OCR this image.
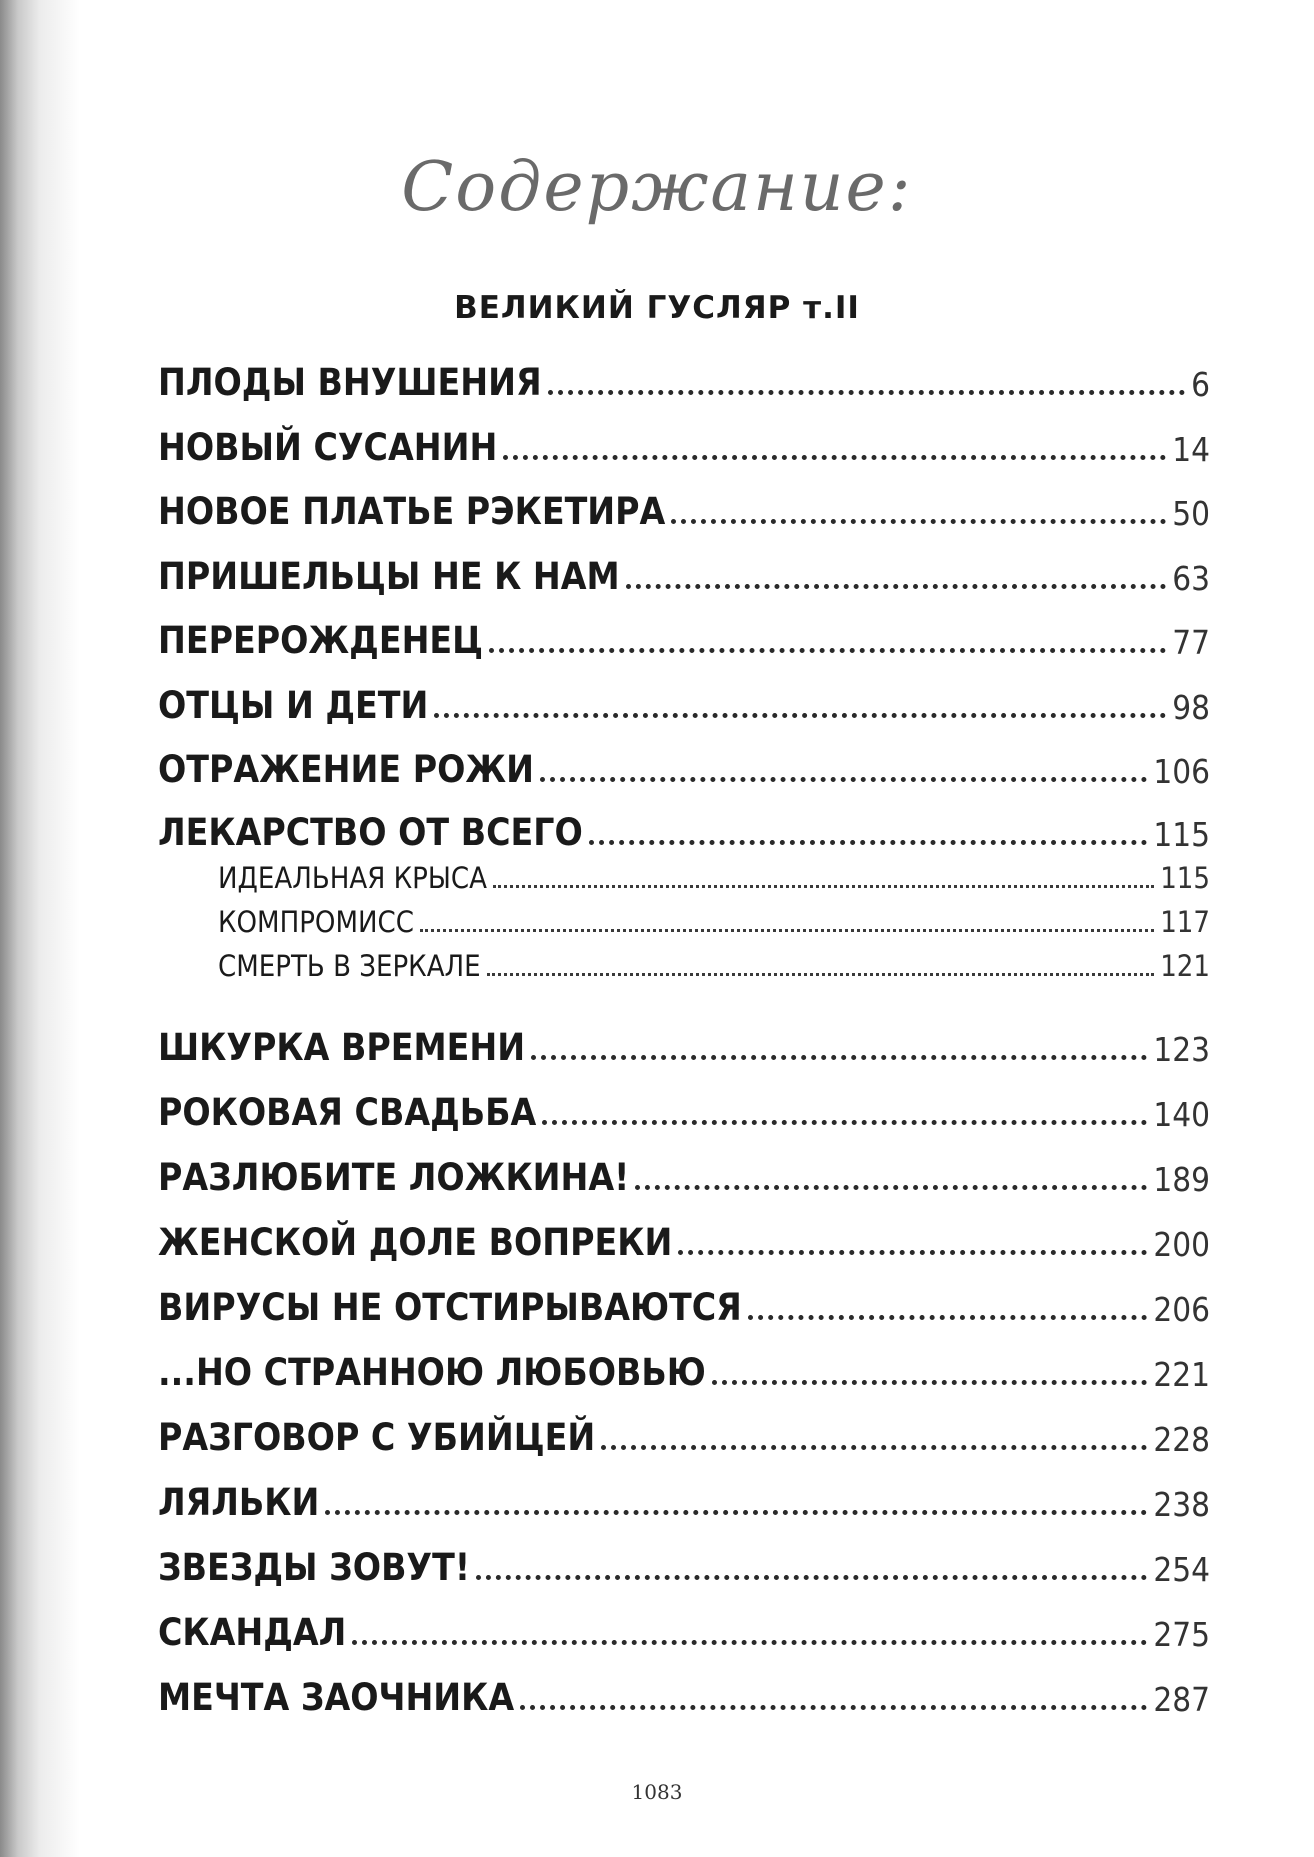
Содержание:
ВЕЛИКИЙ ГУСЛЯР т.II
ПЛОДЫ ВНУШЕНИЯ	6
НОВЫЙ СУСАНИН	14
НОВОЕ ПЛАТЬЕ РЭКЕТИРА	50
ПРИШЕЛЬЦЫ НЕ К НАМ	63
ПЕРЕРОЖДЕНЕЦ	77
ОТЦЫ И ДЕТИ	98
ОТРАЖЕНИЕ РОЖИ	106
ЛЕКАРСТВО ОТ ВСЕГО	115
ИДЕАЛЬНАЯ КРЫСА	115
КОМПРОМИСС	117
СМЕРТЬ В ЗЕРКАЛЕ	121
ШКУРКА ВРЕМЕНИ	123
РОКОВАЯ СВАДЬБА	140
РАЗЛЮБИТЕ ЛОЖКИНА!	189
ЖЕНСКОЙ ДОЛЕ ВОПРЕКИ	200
ВИРУСЫ НЕ ОТСТИРЫВАЮТСЯ	206
...НО СТРАННОЮ ЛЮБОВЬЮ	221
РАЗГОВОР С УБИЙЦЕЙ	228
ЛЯЛЬКИ	238
ЗВЕЗДЫ ЗОВУТ!	254
СКАНДАЛ	275
МЕЧТА ЗАОЧНИКА	287
1083
